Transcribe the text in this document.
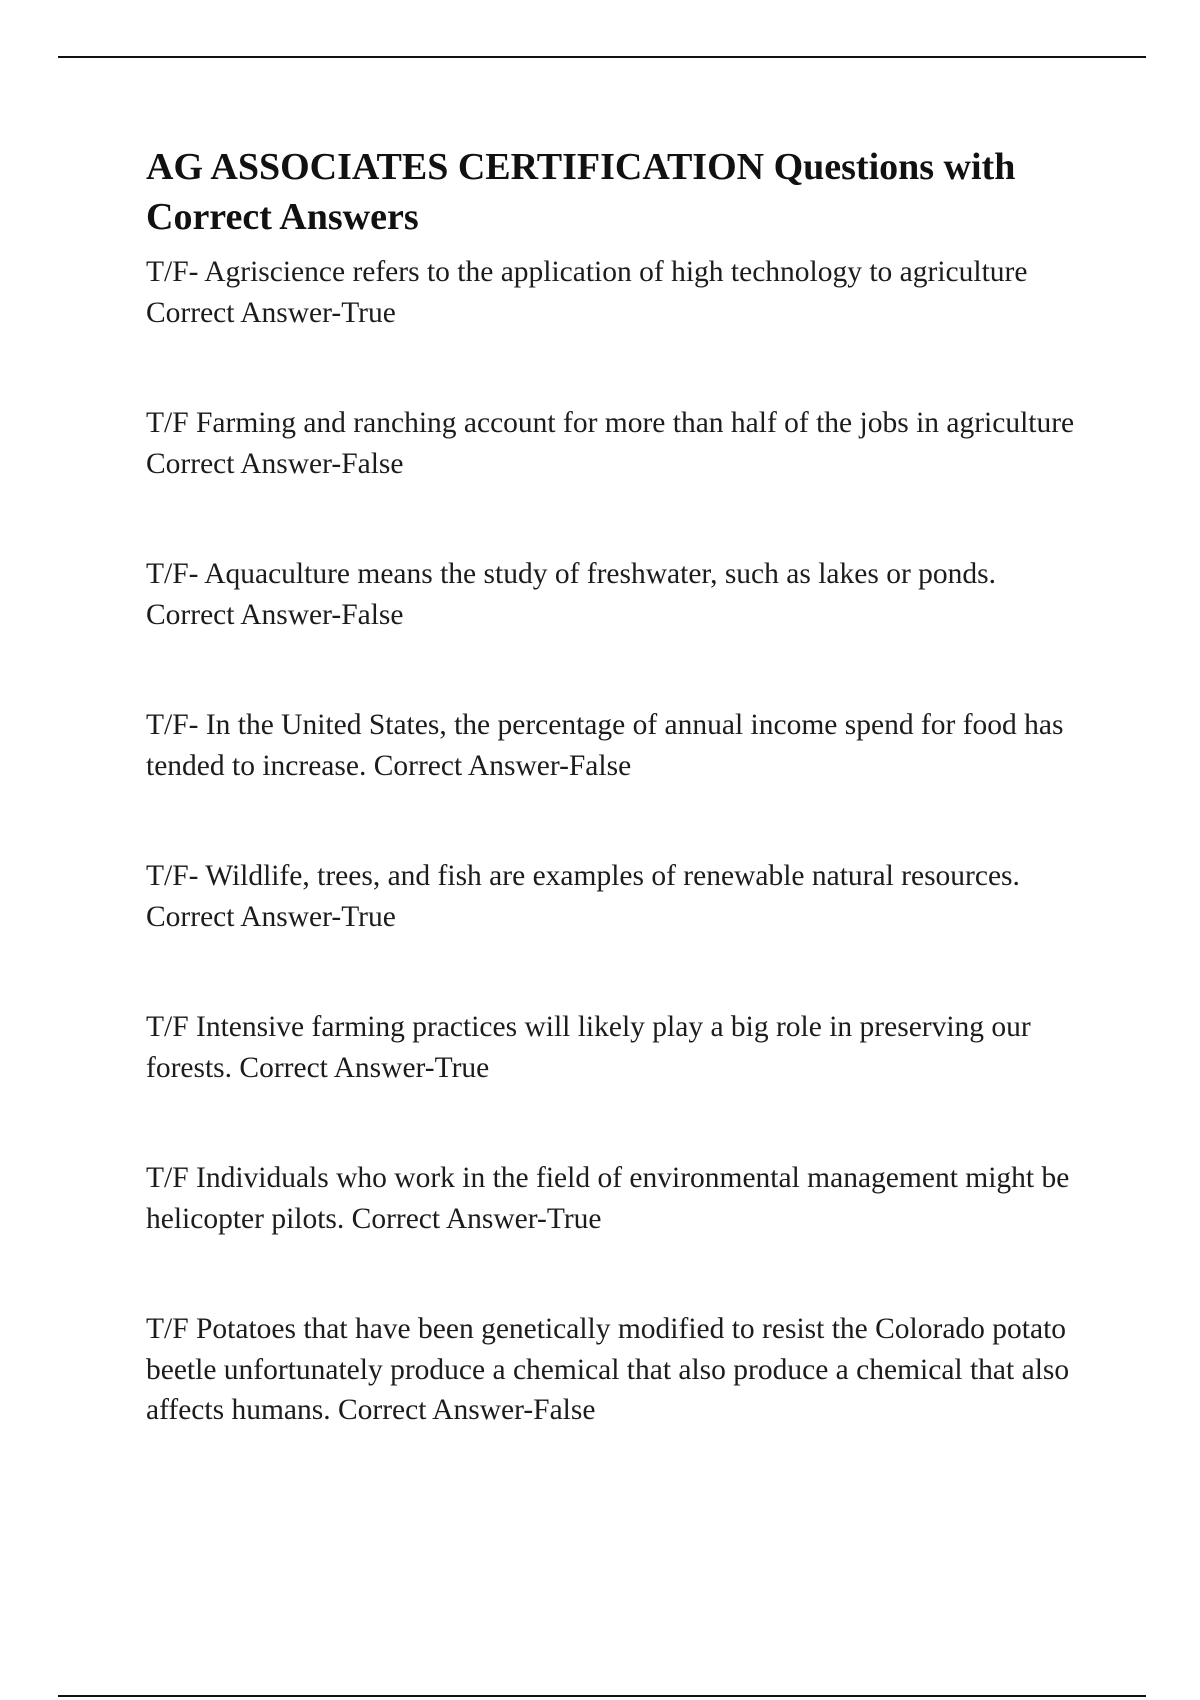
AG ASSOCIATES CERTIFICATION Questions with Correct Answers
T/F- Agriscience refers to the application of high technology to agriculture Correct Answer-True
T/F Farming and ranching account for more than half of the jobs in agriculture Correct Answer-False
T/F- Aquaculture means the study of freshwater, such as lakes or ponds. Correct Answer-False
T/F- In the United States, the percentage of annual income spend for food has tended to increase. Correct Answer-False
T/F- Wildlife, trees, and fish are examples of renewable natural resources. Correct Answer-True
T/F Intensive farming practices will likely play a big role in preserving our forests. Correct Answer-True
T/F Individuals who work in the field of environmental management might be helicopter pilots. Correct Answer-True
T/F Potatoes that have been genetically modified to resist the Colorado potato beetle unfortunately produce a chemical that also produce a chemical that also affects humans. Correct Answer-False
